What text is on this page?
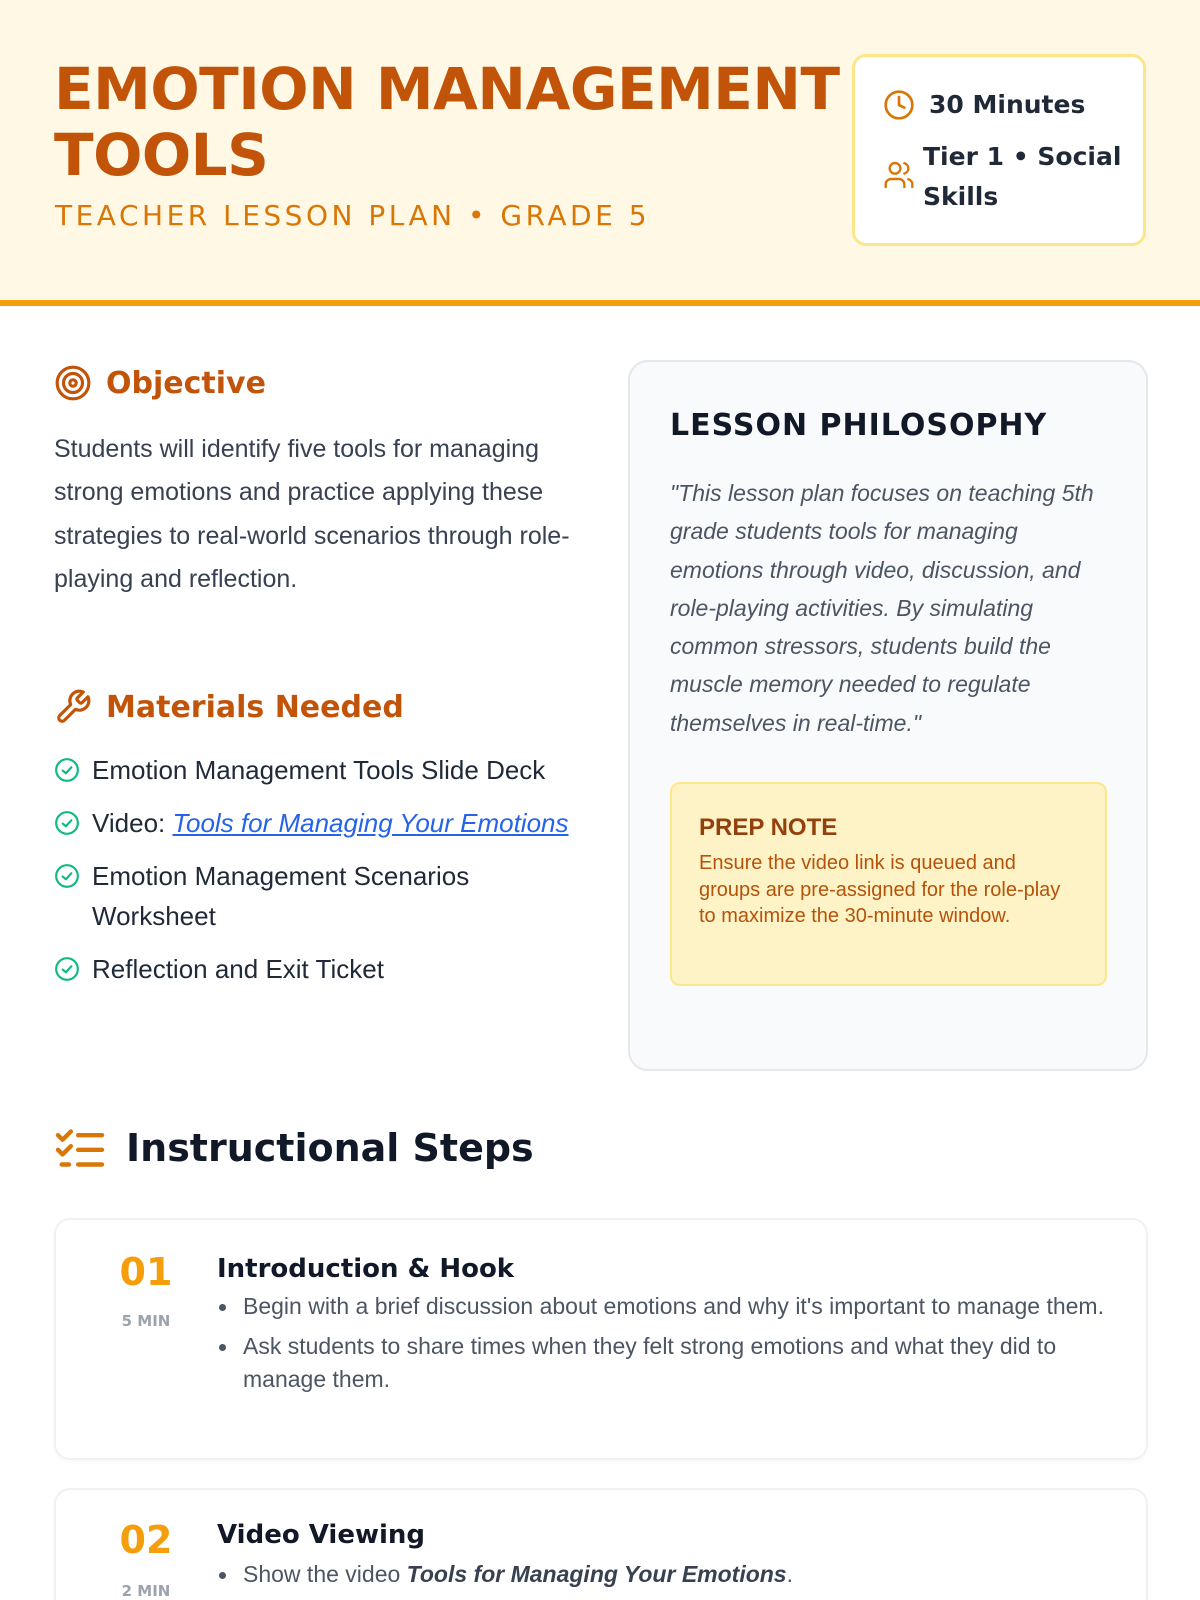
EMOTION MANAGEMENT TOOLS
TEACHER LESSON PLAN • GRADE 5
30 Minutes
Tier 1 • Social Skills
Objective

Students will identify five tools for managing strong emotions and practice applying these strategies to real-world scenarios through role-playing and reflection.

Materials Needed
Emotion Management Tools Slide Deck
Video: Tools for Managing Your Emotions
Emotion Management Scenarios Worksheet
Reflection and Exit Ticket
LESSON PHILOSOPHY

"This lesson plan focuses on teaching 5th grade students tools for managing emotions through video, discussion, and role-playing activities. By simulating common stressors, students build the muscle memory needed to regulate themselves in real-time."

PREP NOTE
Ensure the video link is queued and groups are pre-assigned for the role-play to maximize the 30-minute window.
Instructional Steps
01
5 MIN
Introduction & Hook
Begin with a brief discussion about emotions and why it's important to manage them.
Ask students to share times when they felt strong emotions and what they did to manage them.
02
2 MIN
Video Viewing
Show the video Tools for Managing Your Emotions.
